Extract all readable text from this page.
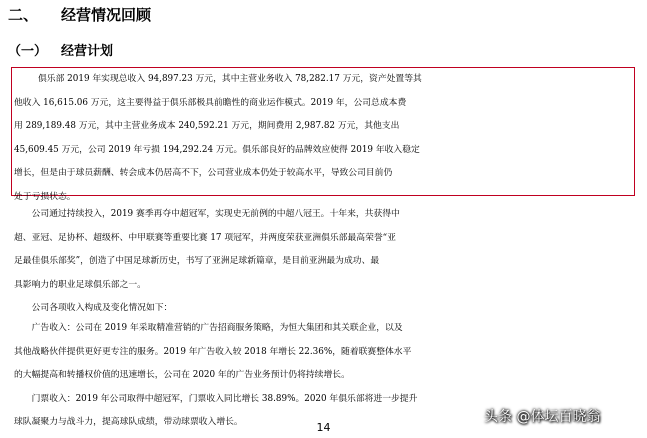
二、 经营情况回顾
（一） 经营计划

俱乐部 2019 年实现总收入 94,897.23 万元，其中主营业务收入 78,282.17 万元，资产处置等其

他收入 16,615.06 万元，这主要得益于俱乐部极具前瞻性的商业运作模式。2019 年，公司总成本费

用 289,189.48 万元，其中主营业务成本 240,592.21 万元，期间费用 2,987.82 万元，其他支出

45,609.45 万元，公司 2019 年亏损 194,292.24 万元。俱乐部良好的品牌效应使得 2019 年收入稳定

增长，但是由于球员薪酬、转会成本仍居高不下，公司营业成本仍处于较高水平，导致公司目前仍

处于亏损状态。

　　公司通过持续投入，2019 赛季再夺中超冠军，实现史无前例的中超八冠王。十年来，共获得中

超、亚冠、足协杯、超级杯、中甲联赛等重要比赛 17 项冠军，并两度荣获亚洲俱乐部最高荣誉“亚

足最佳俱乐部奖”，创造了中国足球新历史，书写了亚洲足球新篇章，是目前亚洲最为成功、最

具影响力的职业足球俱乐部之一。

　　公司各项收入构成及变化情况如下：

　　广告收入：公司在 2019 年采取精准营销的广告招商服务策略，为恒大集团和其关联企业，以及

其他战略伙伴提供更好更专注的服务。2019 年广告收入较 2018 年增长 22.36%，随着联赛整体水平

的大幅提高和转播权价值的迅速增长，公司在 2020 年的广告业务预计仍将持续增长。

　　门票收入：2019 年公司取得中超冠军，门票收入同比增长 38.89%。2020 年俱乐部将进一步提升

球队凝聚力与战斗力，提高球队成绩，带动球票收入增长。	14
头条 @体坛百晓翁
